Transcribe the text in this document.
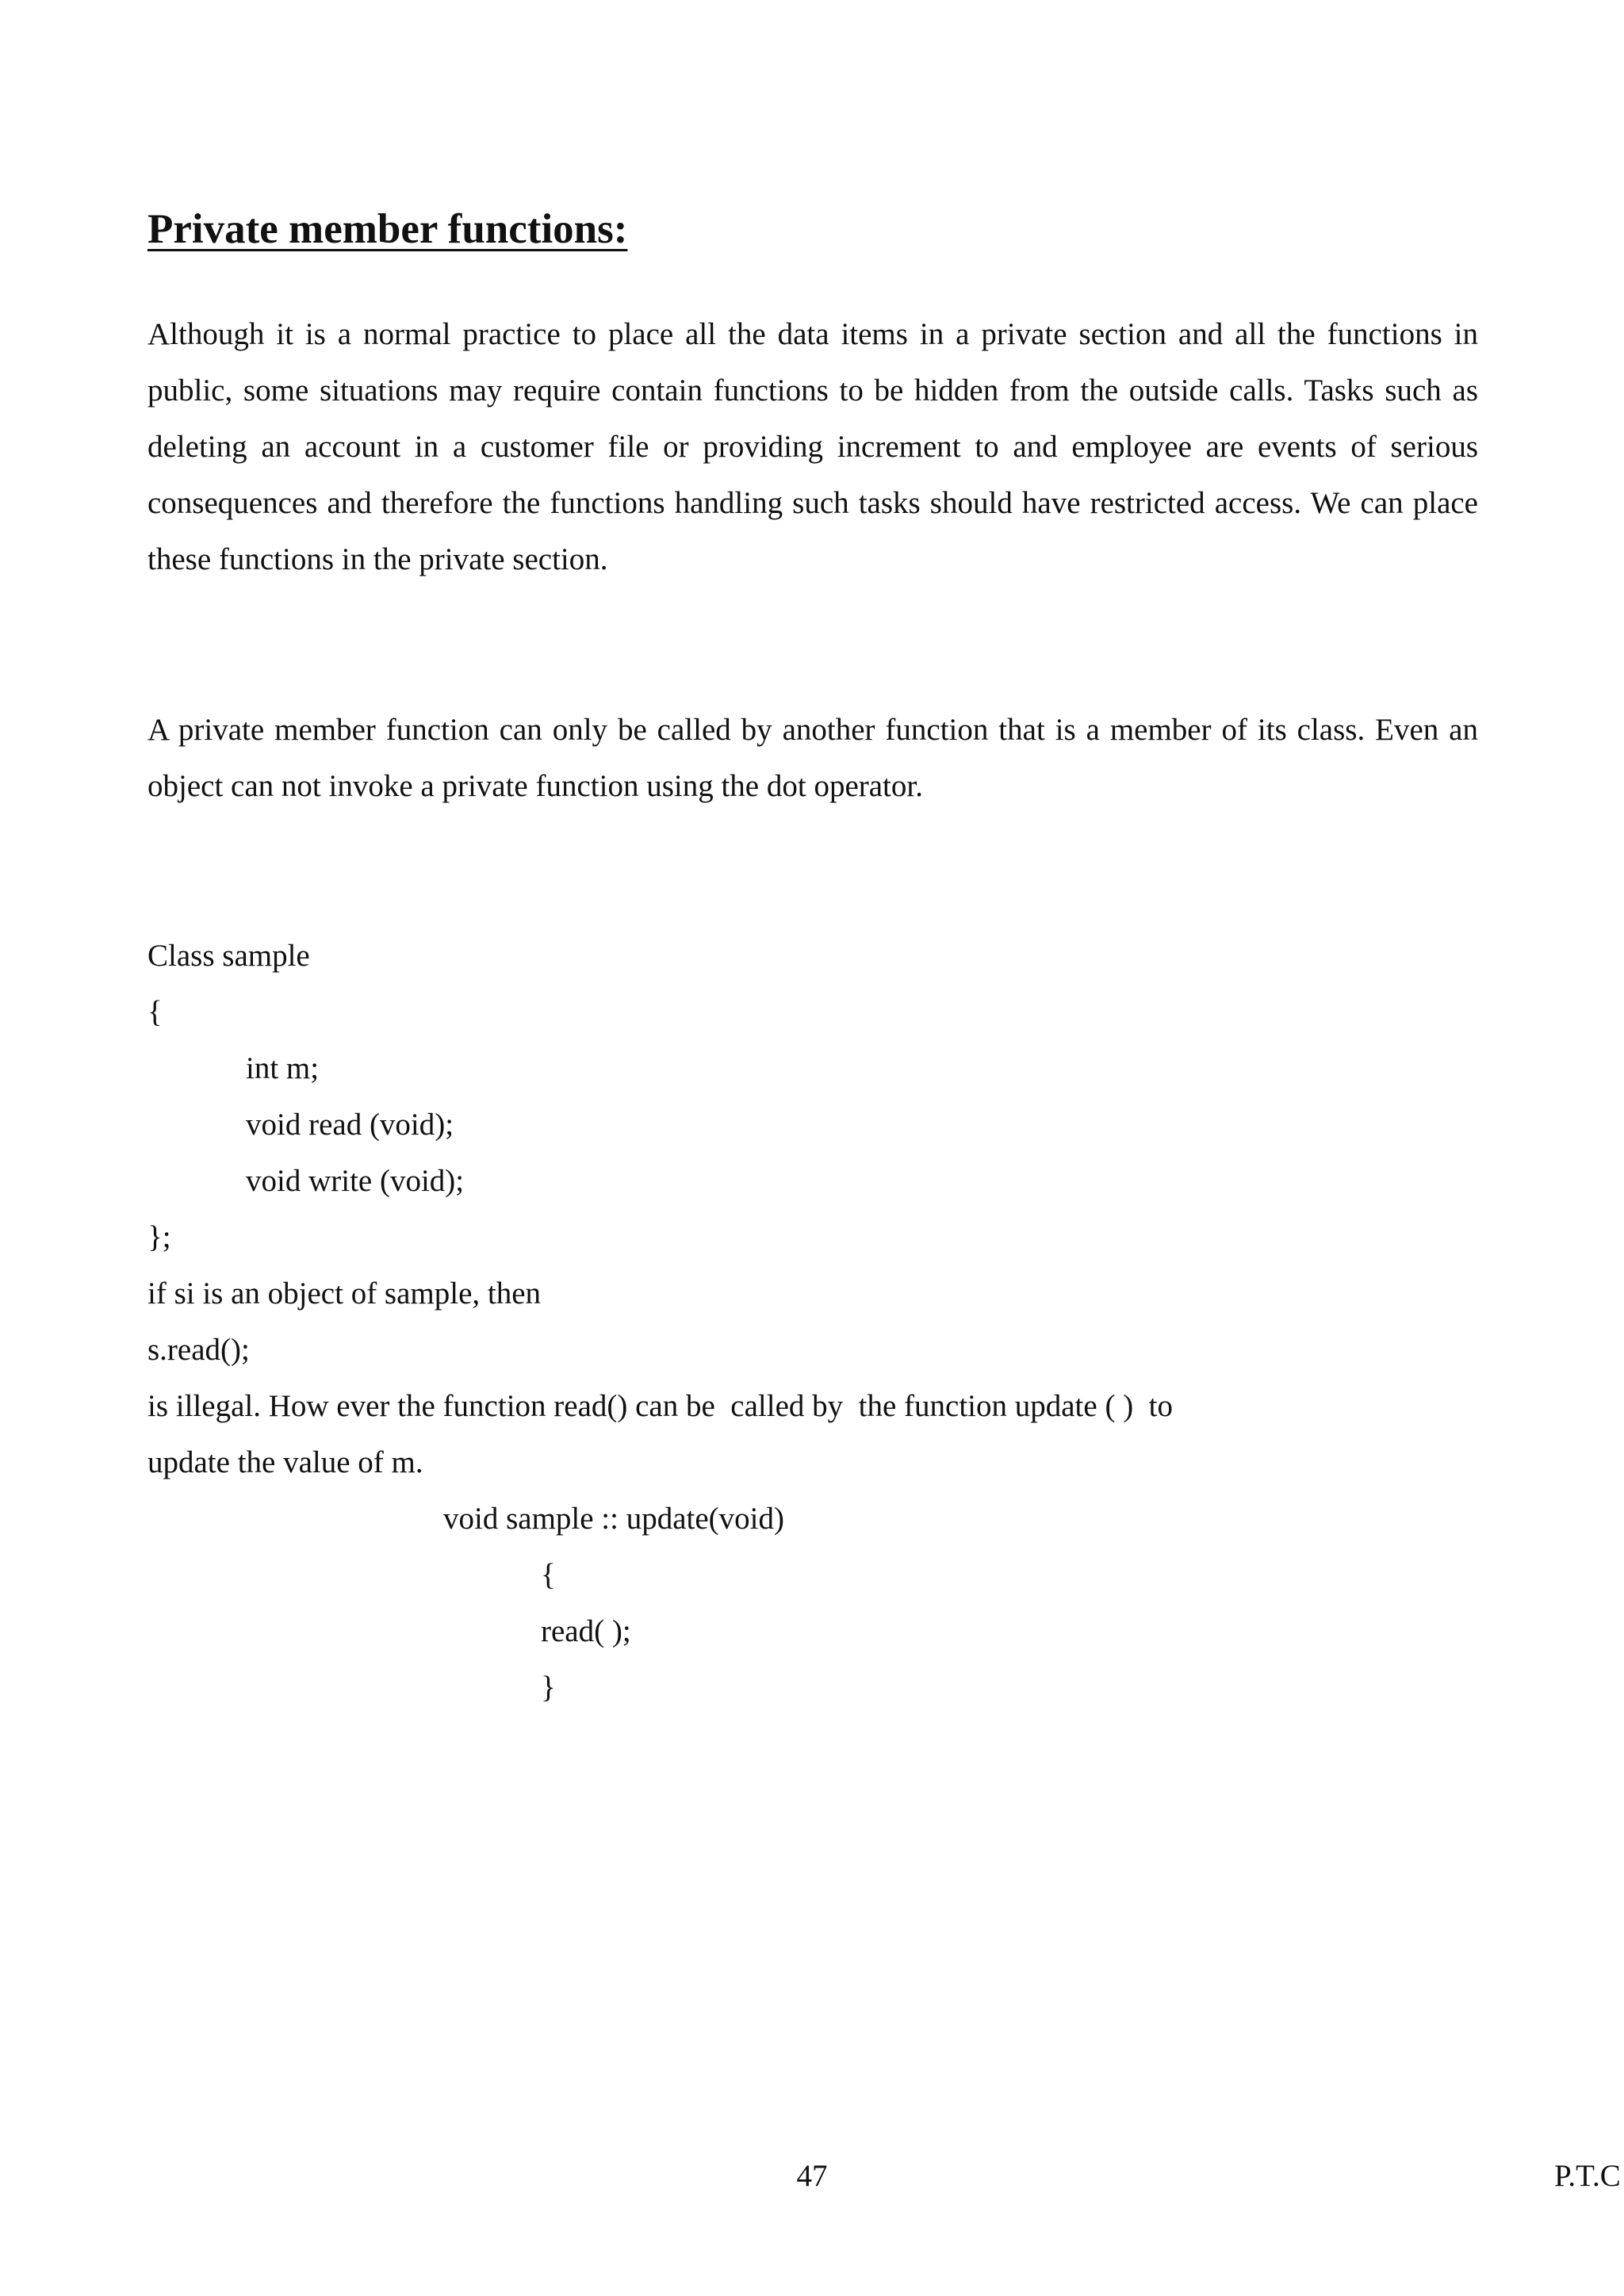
Private member functions:

Although it is a normal practice to place all the data items in a private section and all the functions in public, some situations may require contain functions to be hidden from the outside calls. Tasks such as deleting an account in a customer file or providing increment to and employee are events of serious consequences and therefore the functions handling such tasks should have restricted access. We can place these functions in the private section.

A private member function can only be called by another function that is a member of its class. Even an object can not invoke a private function using the dot operator.

Class sample
{
int m;
void read (void);
void write (void);
};
if si is an object of sample, then
s.read();
is illegal. How ever the function read() can be  called by  the function update ( )  to
update the value of m.
void sample :: update(void)
{
read( );
}
47	P.T.C
